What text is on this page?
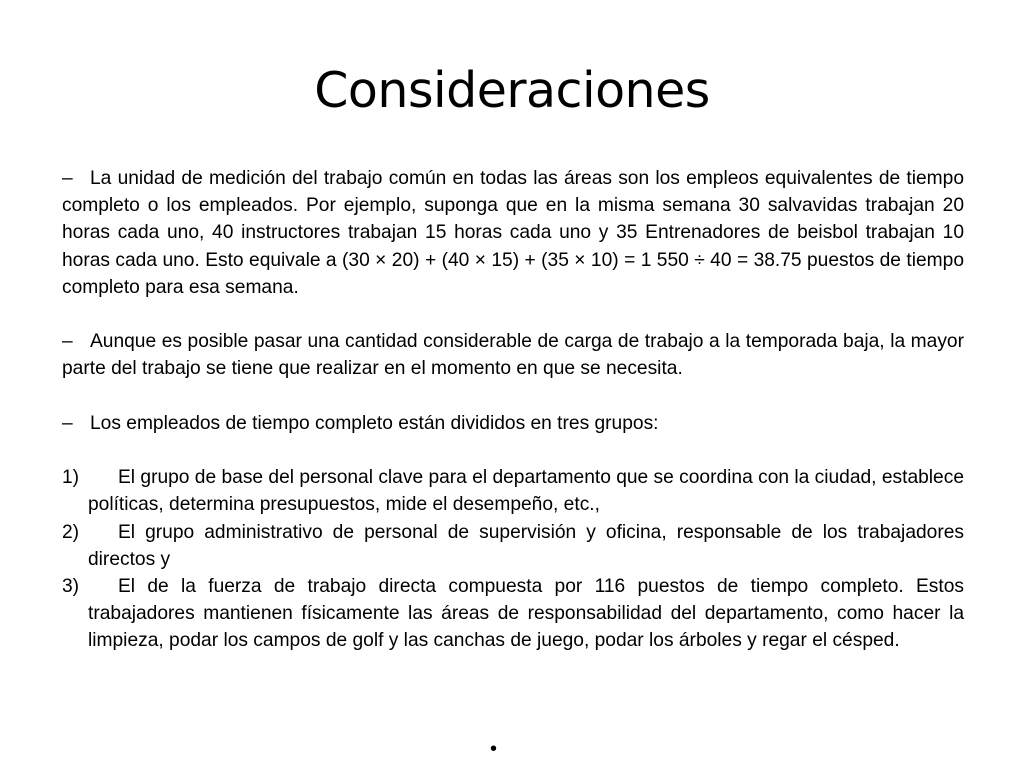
Consideraciones

– La unidad de medición del trabajo común en todas las áreas son los empleos equivalentes de tiempo completo o los empleados. Por ejemplo, suponga que en la misma semana 30 salvavidas trabajan 20 horas cada uno, 40 instructores trabajan 15 horas cada uno y 35 Entrenadores de beisbol trabajan 10 horas cada uno. Esto equivale a (30 × 20) + (40 × 15) + (35 × 10) = 1 550 ÷ 40 = 38.75 puestos de tiempo completo para esa semana.

– Aunque es posible pasar una cantidad considerable de carga de trabajo a la temporada baja, la mayor parte del trabajo se tiene que realizar en el momento en que se necesita.

– Los empleados de tiempo completo están divididos en tres grupos:

1) El grupo de base del personal clave para el departamento que se coordina con la ciudad, establece políticas, determina presupuestos, mide el desempeño, etc.,
2) El grupo administrativo de personal de supervisión y oficina, responsable de los trabajadores directos y
3) El de la fuerza de trabajo directa compuesta por 116 puestos de tiempo completo. Estos trabajadores mantienen físicamente las áreas de responsabilidad del departamento, como hacer la limpieza, podar los campos de golf y las canchas de juego, podar los árboles y regar el césped.
•
